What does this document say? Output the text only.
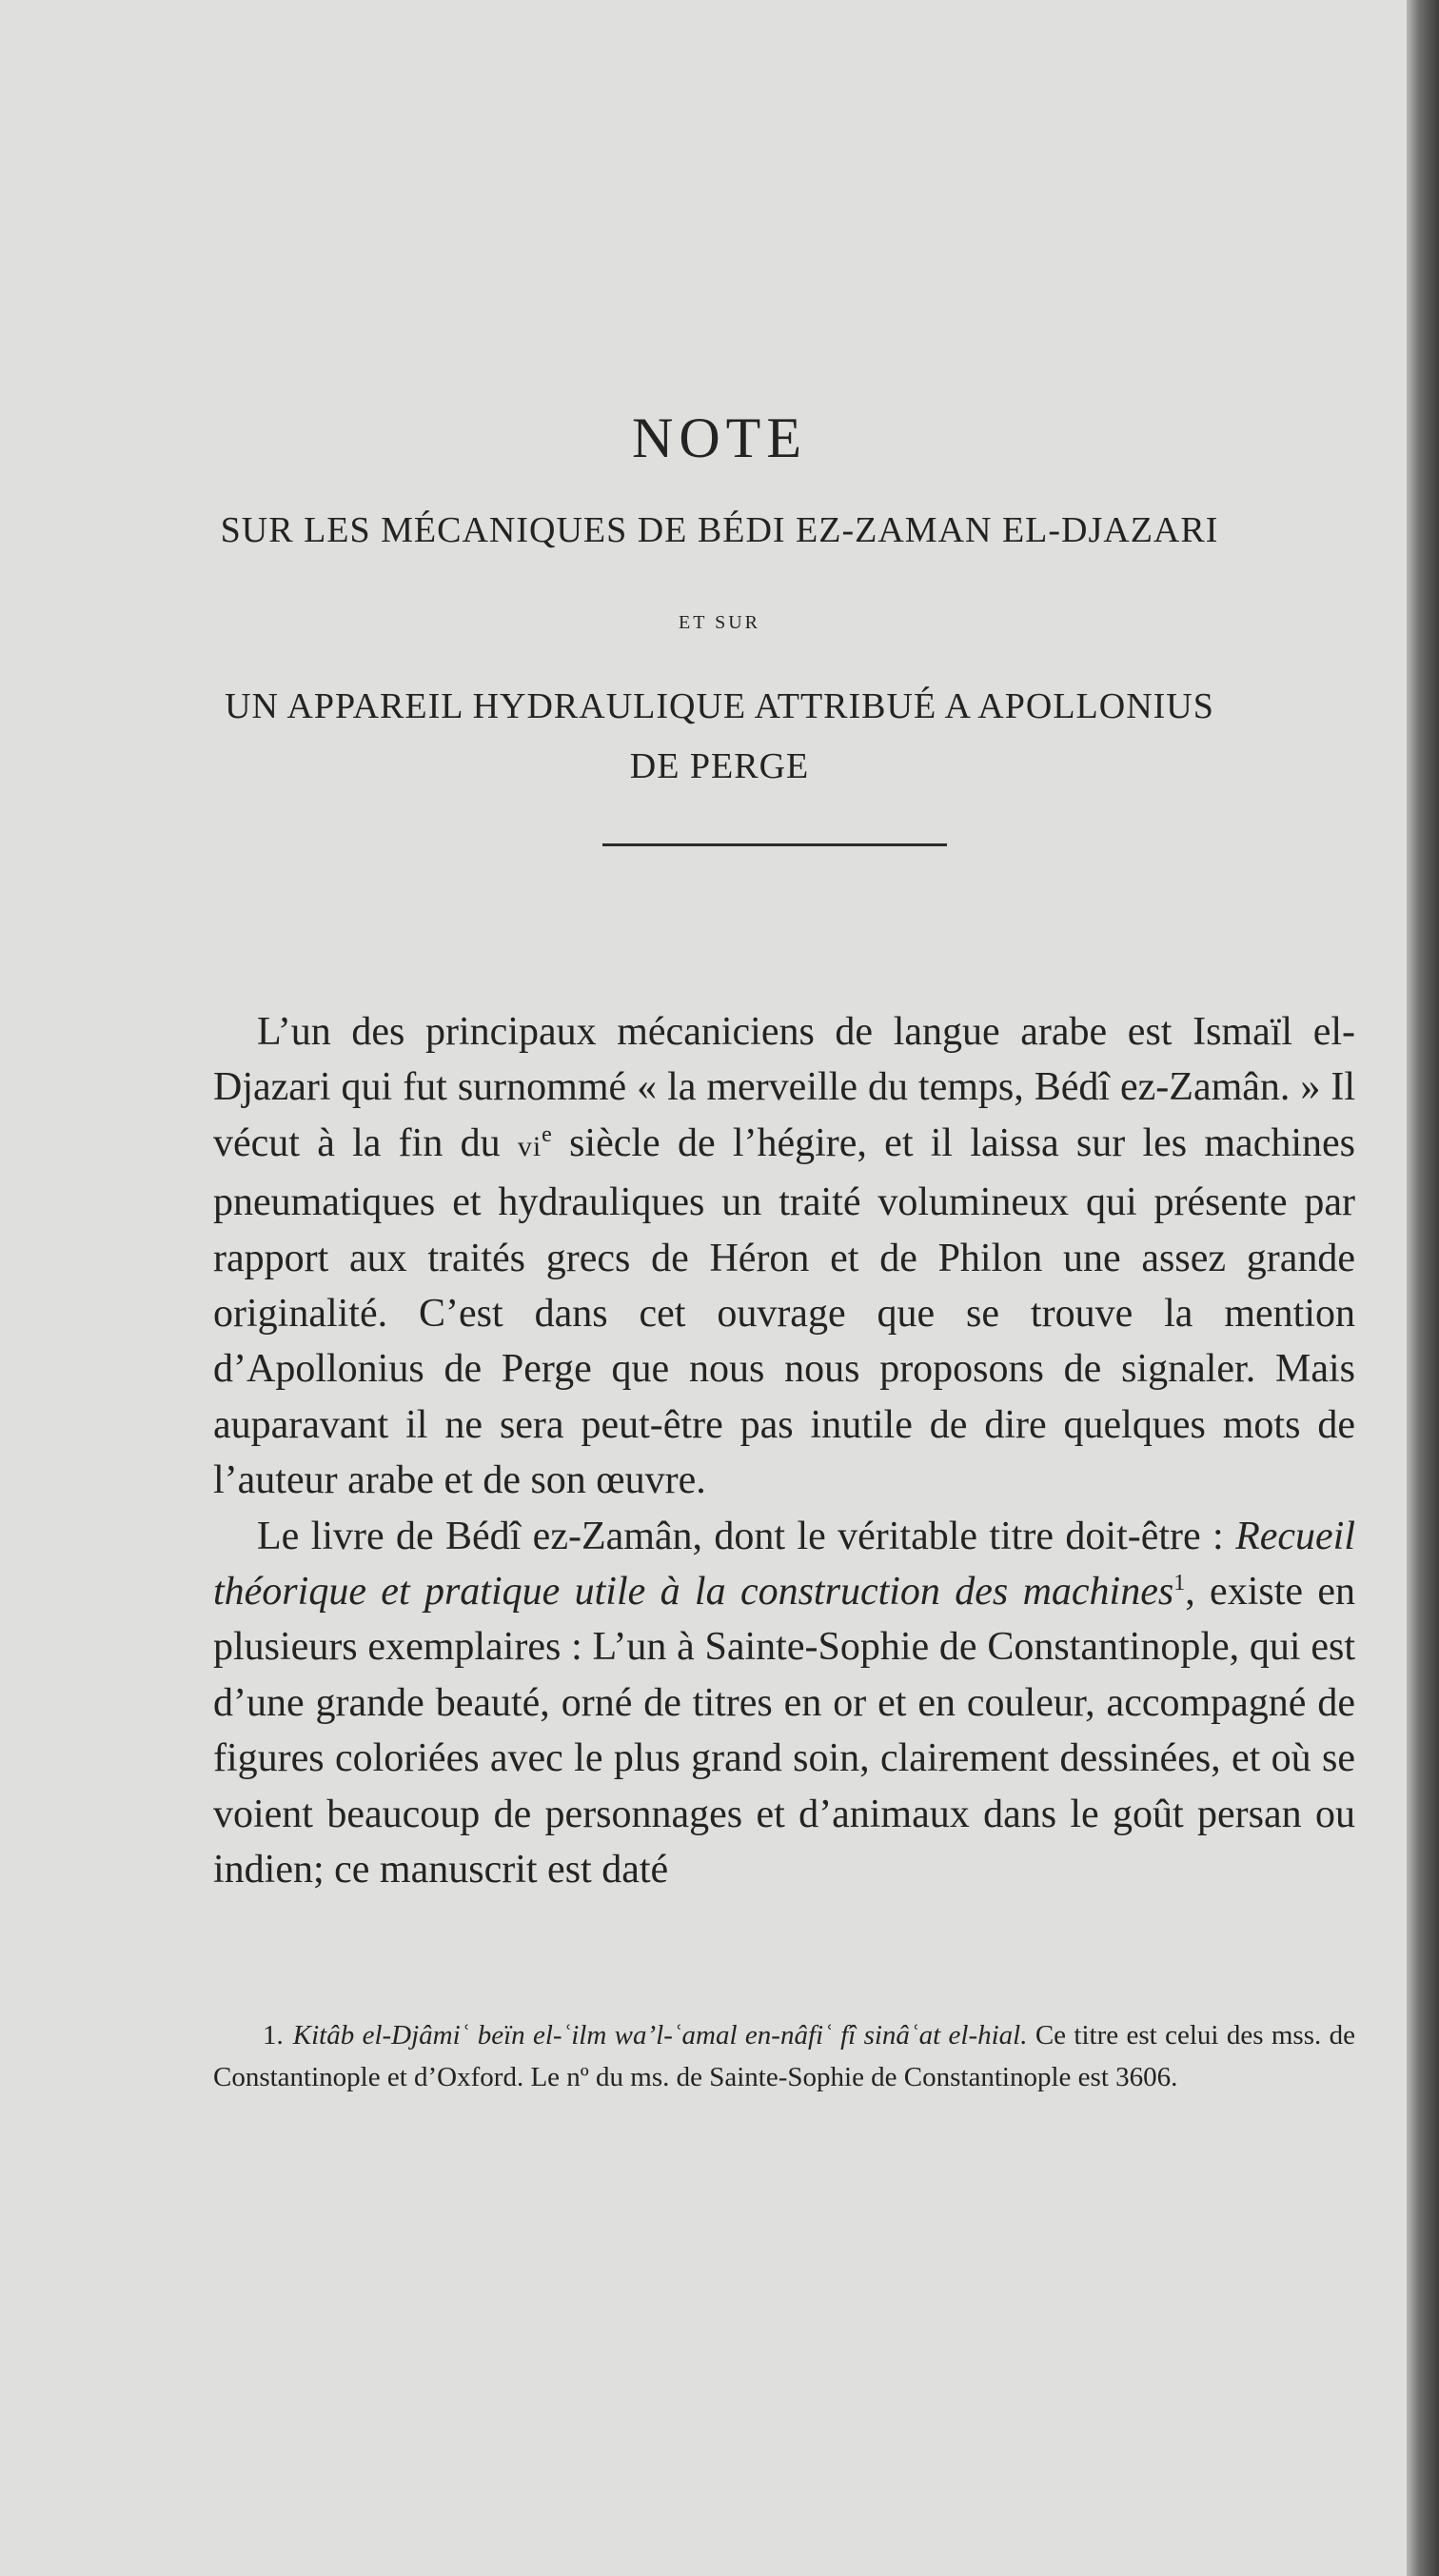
NOTE
SUR LES MÉCANIQUES DE BÉDI EZ-ZAMAN EL-DJAZARI
ET SUR
UN APPAREIL HYDRAULIQUE ATTRIBUÉ A APOLLONIUS
DE PERGE

L’un des principaux mécaniciens de langue arabe est Ismaïl el-Djazari qui fut surnommé « la merveille du temps, Bédî ez-Zamân. » Il vécut à la fin du $vi^e$ siècle de l’hégire, et il laissa sur les machines pneumatiques et hydrauliques un traité volumineux qui présente par rapport aux traités grecs de Héron et de Philon une assez grande originalité. C’est dans cet ouvrage que se trouve la mention d’Apollonius de Perge que nous nous proposons de signaler. Mais auparavant il ne sera peut-être pas inutile de dire quelques mots de l’auteur arabe et de son œuvre.

Le livre de Bédî ez-Zamân, dont le véritable titre doit-être : Recueil théorique et pratique utile à la construction des machines$^1$, existe en plusieurs exemplaires : L’un à Sainte-Sophie de Constantinople, qui est d’une grande beauté, orné de titres en or et en couleur, accompagné de figures coloriées avec le plus grand soin, clairement dessinées, et où se voient beaucoup de personnages et d’animaux dans le goût persan ou indien; ce manuscrit est daté

1. Kitâb el-Djâmiʿ beïn el-ʿilm wa’l-ʿamal en-nâfiʿ fî sinâʿat el-hial. Ce titre est celui des mss. de Constantinople et d’Oxford. Le nº du ms. de Sainte-Sophie de Constantinople est 3606.
